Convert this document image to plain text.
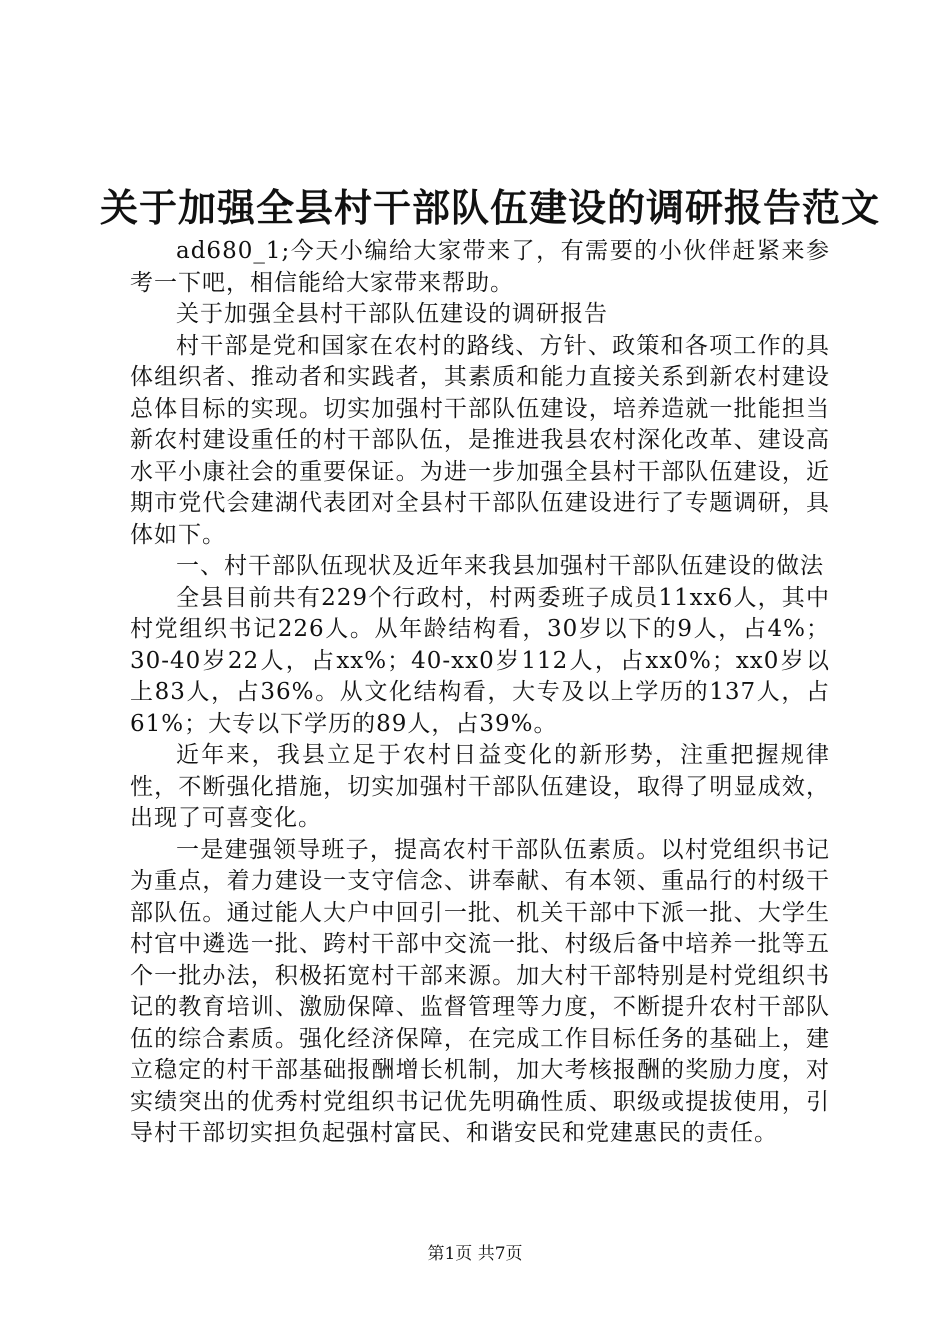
关于加强全县村干部队伍建设的调研报告范文

ad680_1;今天小编给大家带来了，有需要的小伙伴赶紧来参考一下吧，相信能给大家带来帮助。

关于加强全县村干部队伍建设的调研报告

村干部是党和国家在农村的路线、方针、政策和各项工作的具体组织者、推动者和实践者，其素质和能力直接关系到新农村建设总体目标的实现。切实加强村干部队伍建设，培养造就一批能担当新农村建设重任的村干部队伍，是推进我县农村深化改革、建设高水平小康社会的重要保证。为进一步加强全县村干部队伍建设，近期市党代会建湖代表团对全县村干部队伍建设进行了专题调研，具体如下。

一、村干部队伍现状及近年来我县加强村干部队伍建设的做法

全县目前共有229个行政村，村两委班子成员11xx6人，其中村党组织书记226人。从年龄结构看，30岁以下的9人，占4%；30-40岁22人，占xx%；40-xx0岁112人，占xx0%；xx0岁以上83人，占36%。从文化结构看，大专及以上学历的137人，占61%；大专以下学历的89人，占39%。

近年来，我县立足于农村日益变化的新形势，注重把握规律性，不断强化措施，切实加强村干部队伍建设，取得了明显成效，出现了可喜变化。

一是建强领导班子，提高农村干部队伍素质。以村党组织书记为重点，着力建设一支守信念、讲奉献、有本领、重品行的村级干部队伍。通过能人大户中回引一批、机关干部中下派一批、大学生村官中遴选一批、跨村干部中交流一批、村级后备中培养一批等五个一批办法，积极拓宽村干部来源。加大村干部特别是村党组织书记的教育培训、激励保障、监督管理等力度，不断提升农村干部队伍的综合素质。强化经济保障，在完成工作目标任务的基础上，建立稳定的村干部基础报酬增长机制，加大考核报酬的奖励力度，对实绩突出的优秀村党组织书记优先明确性质、职级或提拔使用，引导村干部切实担负起强村富民、和谐安民和党建惠民的责任。

第1页 共7页
